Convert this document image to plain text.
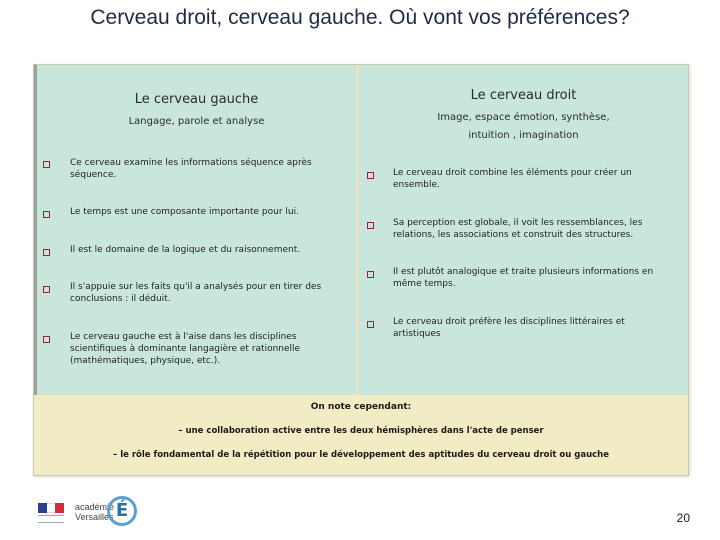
Cerveau droit, cerveau gauche. Où vont vos préférences?
Le cerveau gauche
Langage, parole et analyse
Ce cerveau examine les informations séquence après séquence.
Le temps est une composante importante pour lui.
Il est le domaine de la logique et du raisonnement.
Il s'appuie sur les faits qu'il a analysés pour en tirer des conclusions : il déduit.
Le cerveau gauche est à l'aise dans les disciplines scientifiques à dominante langagière et rationnelle (mathématiques, physique, etc.).
Le cerveau droit
Image, espace émotion, synthèse,
intuition , imagination
Le cerveau droit combine les éléments pour créer un ensemble.
Sa perception est globale, il voit les ressemblances, les relations, les associations et construit des structures.
Il est plutôt analogique et traite plusieurs informations en même temps.
Le cerveau droit préfère les disciplines littéraires et artistiques
On note cependant:
– une collaboration active entre les deux hémisphères dans l'acte de penser
– le rôle fondamental de la répétition pour le développement des aptitudes du cerveau droit ou gauche
académie
Versailles É	20
